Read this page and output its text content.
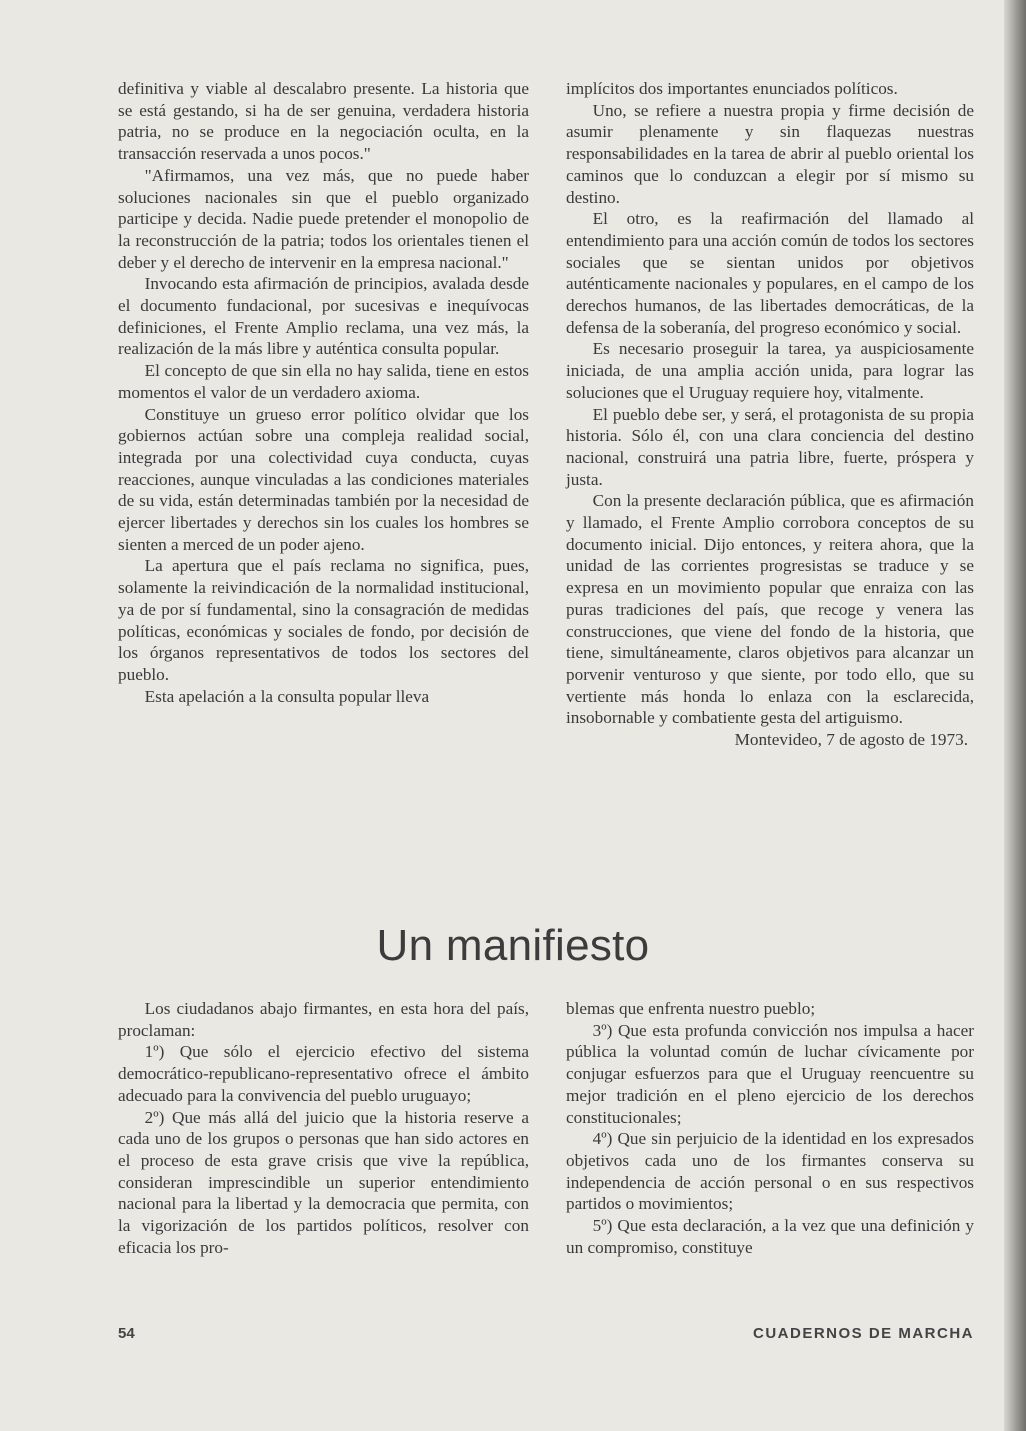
definitiva y viable al descalabro presente. La historia que se está gestando, si ha de ser genuina, verdadera historia patria, no se produce en la negociación oculta, en la transacción reservada a unos pocos."

"Afirmamos, una vez más, que no puede haber soluciones nacionales sin que el pueblo organizado participe y decida. Nadie puede pretender el monopolio de la reconstrucción de la patria; todos los orientales tienen el deber y el derecho de intervenir en la empresa nacional."

Invocando esta afirmación de principios, avalada desde el documento fundacional, por sucesivas e inequívocas definiciones, el Frente Amplio reclama, una vez más, la realización de la más libre y auténtica consulta popular.

El concepto de que sin ella no hay salida, tiene en estos momentos el valor de un verdadero axioma.

Constituye un grueso error político olvidar que los gobiernos actúan sobre una compleja realidad social, integrada por una colectividad cuya conducta, cuyas reacciones, aunque vinculadas a las condiciones materiales de su vida, están determinadas también por la necesidad de ejercer libertades y derechos sin los cuales los hombres se sienten a merced de un poder ajeno.

La apertura que el país reclama no significa, pues, solamente la reivindicación de la normalidad institucional, ya de por sí fundamental, sino la consagración de medidas políticas, económicas y sociales de fondo, por decisión de los órganos representativos de todos los sectores del pueblo.

Esta apelación a la consulta popular lleva

implícitos dos importantes enunciados políticos.

Uno, se refiere a nuestra propia y firme decisión de asumir plenamente y sin flaquezas nuestras responsabilidades en la tarea de abrir al pueblo oriental los caminos que lo conduzcan a elegir por sí mismo su destino.

El otro, es la reafirmación del llamado al entendimiento para una acción común de todos los sectores sociales que se sientan unidos por objetivos auténticamente nacionales y populares, en el campo de los derechos humanos, de las libertades democráticas, de la defensa de la soberanía, del progreso económico y social.

Es necesario proseguir la tarea, ya auspiciosamente iniciada, de una amplia acción unida, para lograr las soluciones que el Uruguay requiere hoy, vitalmente.

El pueblo debe ser, y será, el protagonista de su propia historia. Sólo él, con una clara conciencia del destino nacional, construirá una patria libre, fuerte, próspera y justa.

Con la presente declaración pública, que es afirmación y llamado, el Frente Amplio corrobora conceptos de su documento inicial. Dijo entonces, y reitera ahora, que la unidad de las corrientes progresistas se traduce y se expresa en un movimiento popular que enraiza con las puras tradiciones del país, que recoge y venera las construcciones, que viene del fondo de la historia, que tiene, simultáneamente, claros objetivos para alcanzar un porvenir venturoso y que siente, por todo ello, que su vertiente más honda lo enlaza con la esclarecida, insobornable y combatiente gesta del artiguismo.

Montevideo, 7 de agosto de 1973.

Un manifiesto

Los ciudadanos abajo firmantes, en esta hora del país, proclaman:

1º) Que sólo el ejercicio efectivo del sistema democrático-republicano-representativo ofrece el ámbito adecuado para la convivencia del pueblo uruguayo;

2º) Que más allá del juicio que la historia reserve a cada uno de los grupos o personas que han sido actores en el proceso de esta grave crisis que vive la república, consideran imprescindible un superior entendimiento nacional para la libertad y la democracia que permita, con la vigorización de los partidos políticos, resolver con eficacia los pro-

blemas que enfrenta nuestro pueblo;

3º) Que esta profunda convicción nos impulsa a hacer pública la voluntad común de luchar cívicamente por conjugar esfuerzos para que el Uruguay reencuentre su mejor tradición en el pleno ejercicio de los derechos constitucionales;

4º) Que sin perjuicio de la identidad en los expresados objetivos cada uno de los firmantes conserva su independencia de acción personal o en sus respectivos partidos o movimientos;

5º) Que esta declaración, a la vez que una definición y un compromiso, constituye

54	CUADERNOS DE MARCHA
